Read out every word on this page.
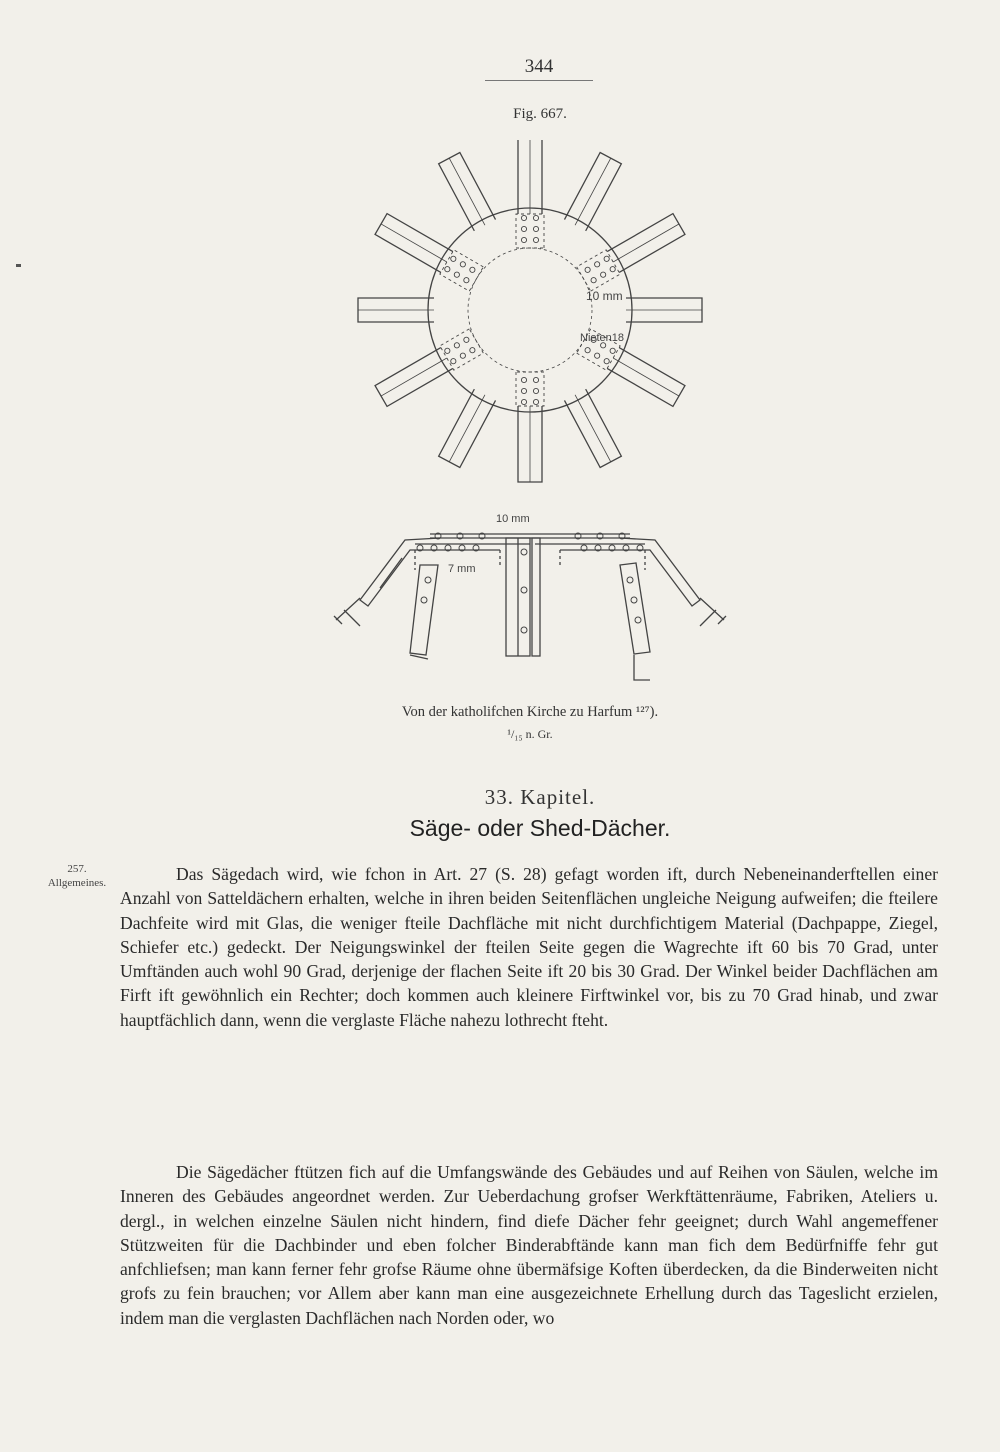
344
Fig. 667.
10 mm
Nieten18
10 mm
7 mm
Von der katholifchen Kirche zu Harfum ¹²⁷).
¹/₁₅ n. Gr.
33. Kapitel.
Säge- oder Shed-Dächer.
257.
Allgemeines.	Das Sägedach wird, wie fchon in Art. 27 (S. 28) gefagt worden ift, durch Nebeneinanderftellen einer Anzahl von Satteldächern erhalten, welche in ihren beiden Seitenflächen ungleiche Neigung aufweifen; die fteilere Dachfeite wird mit Glas, die weniger fteile Dachfläche mit nicht durchfichtigem Material (Dachpappe, Ziegel, Schiefer etc.) gedeckt. Der Neigungswinkel der fteilen Seite gegen die Wagrechte ift 60 bis 70 Grad, unter Umftänden auch wohl 90 Grad, derjenige der flachen Seite ift 20 bis 30 Grad. Der Winkel beider Dachflächen am Firft ift gewöhnlich ein Rechter; doch kommen auch kleinere Firftwinkel vor, bis zu 70 Grad hinab, und zwar hauptfächlich dann, wenn die verglaste Fläche nahezu lothrecht fteht.

Die Sägedächer ftützen fich auf die Umfangswände des Gebäudes und auf Reihen von Säulen, welche im Inneren des Gebäudes angeordnet werden. Zur Ueberdachung grofser Werkftättenräume, Fabriken, Ateliers u. dergl., in welchen einzelne Säulen nicht hindern, find diefe Dächer fehr geeignet; durch Wahl angemeffener Stützweiten für die Dachbinder und eben folcher Binderabftände kann man fich dem Bedürfniffe fehr gut anfchliefsen; man kann ferner fehr grofse Räume ohne übermäfsige Koften überdecken, da die Binderweiten nicht grofs zu fein brauchen; vor Allem aber kann man eine ausgezeichnete Erhellung durch das Tageslicht erzielen, indem man die verglasten Dachflächen nach Norden oder, wo
